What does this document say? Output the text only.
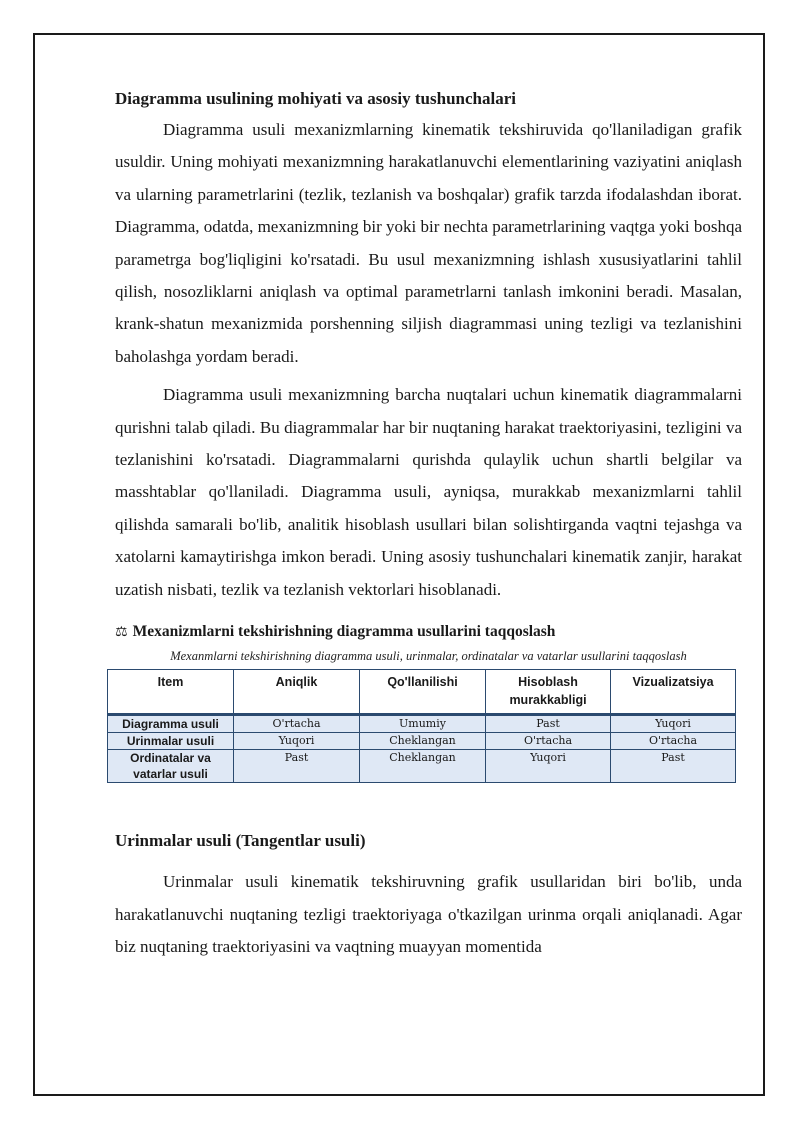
Diagramma usulining mohiyati va asosiy tushunchalari

Diagramma usuli mexanizmlarning kinematik tekshiruvida qo'llaniladigan grafik usuldir. Uning mohiyati mexanizmning harakatlanuvchi elementlarining vaziyatini aniqlash va ularning parametrlarini (tezlik, tezlanish va boshqalar) grafik tarzda ifodalashdan iborat. Diagramma, odatda, mexanizmning bir yoki bir nechta parametrlarining vaqtga yoki boshqa parametrga bog'liqligini ko'rsatadi. Bu usul mexanizmning ishlash xususiyatlarini tahlil qilish, nosozliklarni aniqlash va optimal parametrlarni tanlash imkonini beradi. Masalan, krank-shatun mexanizmida porshenning siljish diagrammasi uning tezligi va tezlanishini baholashga yordam beradi.

Diagramma usuli mexanizmning barcha nuqtalari uchun kinematik diagrammalarni qurishni talab qiladi. Bu diagrammalar har bir nuqtaning harakat traektoriyasini, tezligini va tezlanishini ko'rsatadi. Diagrammalarni qurishda qulaylik uchun shartli belgilar va masshtablar qo'llaniladi. Diagramma usuli, ayniqsa, murakkab mexanizmlarni tahlil qilishda samarali bo'lib, analitik hisoblash usullari bilan solishtirganda vaqtni tejashga va xatolarni kamaytirishga imkon beradi. Uning asosiy tushunchalari kinematik zanjir, harakat uzatish nisbati, tezlik va tezlanish vektorlari hisoblanadi.

⚖ Mexanizmlarni tekshirishning diagramma usullarini taqqoslash
Mexanmlarni tekshirishning diagramma usuli, urinmalar, ordinatalar va vatarlar usullarini taqqoslash
Item	Aniqlik	Qo'llanilishi	Hisoblash murakkabligi	Vizualizatsiya
Diagramma usuli	O'rtacha	Umumiy	Past	Yuqori
Urinmalar usuli	Yuqori	Cheklangan	O'rtacha	O'rtacha
Ordinatalar va vatarlar usuli	Past	Cheklangan	Yuqori	Past
Urinmalar usuli (Tangentlar usuli)

Urinmalar usuli kinematik tekshiruvning grafik usullaridan biri bo'lib, unda harakatlanuvchi nuqtaning tezligi traektoriyaga o'tkazilgan urinma orqali aniqlanadi. Agar biz nuqtaning traektoriyasini va vaqtning muayyan momentida
